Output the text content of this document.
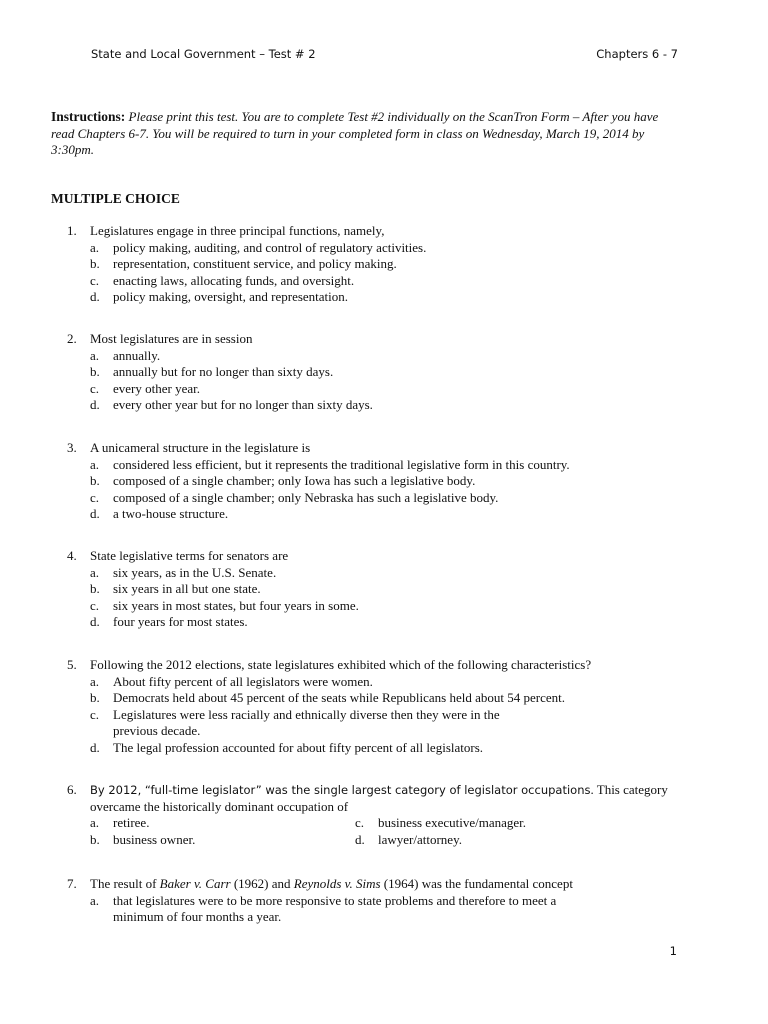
State and Local Government – Test # 2	Chapters 6 - 7
Instructions: Please print this test. You are to complete Test #2 individually on the ScanTron Form – After you have read Chapters 6-7. You will be required to turn in your completed form in class on Wednesday, March 19, 2014 by 3:30pm.
MULTIPLE CHOICE
1. Legislatures engage in three principal functions, namely,
a. policy making, auditing, and control of regulatory activities.
b. representation, constituent service, and policy making.
c. enacting laws, allocating funds, and oversight.
d. policy making, oversight, and representation.
2. Most legislatures are in session
a. annually.
b. annually but for no longer than sixty days.
c. every other year.
d. every other year but for no longer than sixty days.
3. A unicameral structure in the legislature is
a. considered less efficient, but it represents the traditional legislative form in this country.
b. composed of a single chamber; only Iowa has such a legislative body.
c. composed of a single chamber; only Nebraska has such a legislative body.
d. a two-house structure.
4. State legislative terms for senators are
a. six years, as in the U.S. Senate.
b. six years in all but one state.
c. six years in most states, but four years in some.
d. four years for most states.
5. Following the 2012 elections, state legislatures exhibited which of the following characteristics?
a. About fifty percent of all legislators were women.
b. Democrats held about 45 percent of the seats while Republicans held about 54 percent.
c. Legislatures were less racially and ethnically diverse then they were in the
previous decade.
d. The legal profession accounted for about fifty percent of all legislators.
6. By 2012, “full-time legislator” was the single largest category of legislator occupations. This category
overcame the historically dominant occupation of
a. retiree.	c. business executive/manager.
b. business owner.	d. lawyer/attorney.
7. The result of Baker v. Carr (1962) and Reynolds v. Sims (1964) was the fundamental concept
a. that legislatures were to be more responsive to state problems and therefore to meet a
minimum of four months a year.
1
